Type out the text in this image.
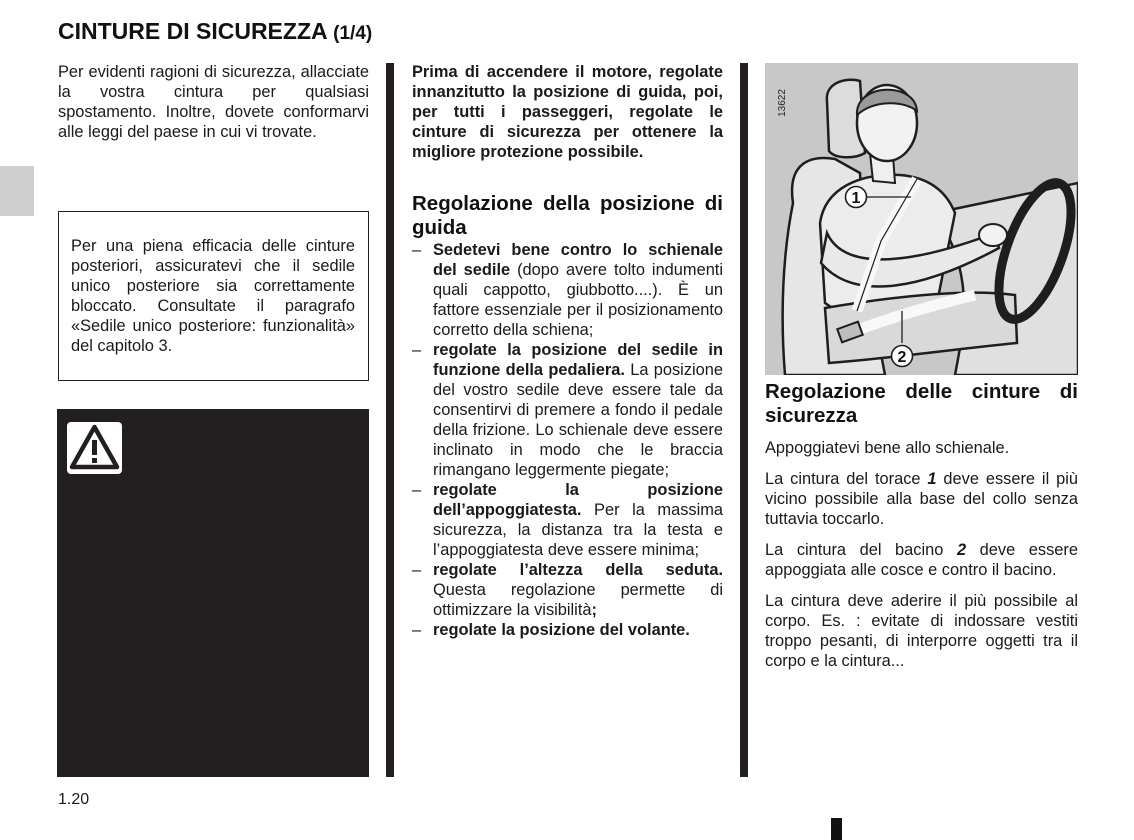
CINTURE DI SICUREZZA (1/4)

Per evidenti ragioni di sicurezza, allacciate la vostra cintura per qualsiasi spostamento. Inoltre, dovete conformarvi alle leggi del paese in cui vi trovate.

Per una piena efficacia delle cinture posteriori, assicuratevi che il sedile unico posteriore sia correttamente bloccato. Consultate il paragrafo «Sedile unico posteriore: funzionalità» del capitolo 3.

Prima di accendere il motore, regolate innanzitutto la posizione di guida, poi, per tutti i passeggeri, regolate le cinture di sicurezza per ottenere la migliore protezione possibile.

Regolazione della posizione di guida
– Sedetevi bene contro lo schienale del sedile (dopo avere tolto indumenti quali cappotto, giubbotto....). È un fattore essenziale per il posizionamento corretto della schiena;
– regolate la posizione del sedile in funzione della pedaliera. La posizione del vostro sedile deve essere tale da consentirvi di premere a fondo il pedale della frizione. Lo schienale deve essere inclinato in modo che le braccia rimangano leggermente piegate;
– regolate la posizione dell’appoggiatesta. Per la massima sicurezza, la distanza tra la testa e l’appoggiatesta deve essere minima;
– regolate l’altezza della seduta. Questa regolazione permette di ottimizzare la visibilità;
– regolate la posizione del volante.
1
2
13622
Regolazione delle cinture di sicurezza

Appoggiatevi bene allo schienale.

La cintura del torace 1 deve essere il più vicino possibile alla base del collo senza tuttavia toccarlo.

La cintura del bacino 2 deve essere appoggiata alle cosce e contro il bacino.

La cintura deve aderire il più possibile al corpo. Es. : evitate di indossare vestiti troppo pesanti, di interporre oggetti tra il corpo e la cintura...

1.20
